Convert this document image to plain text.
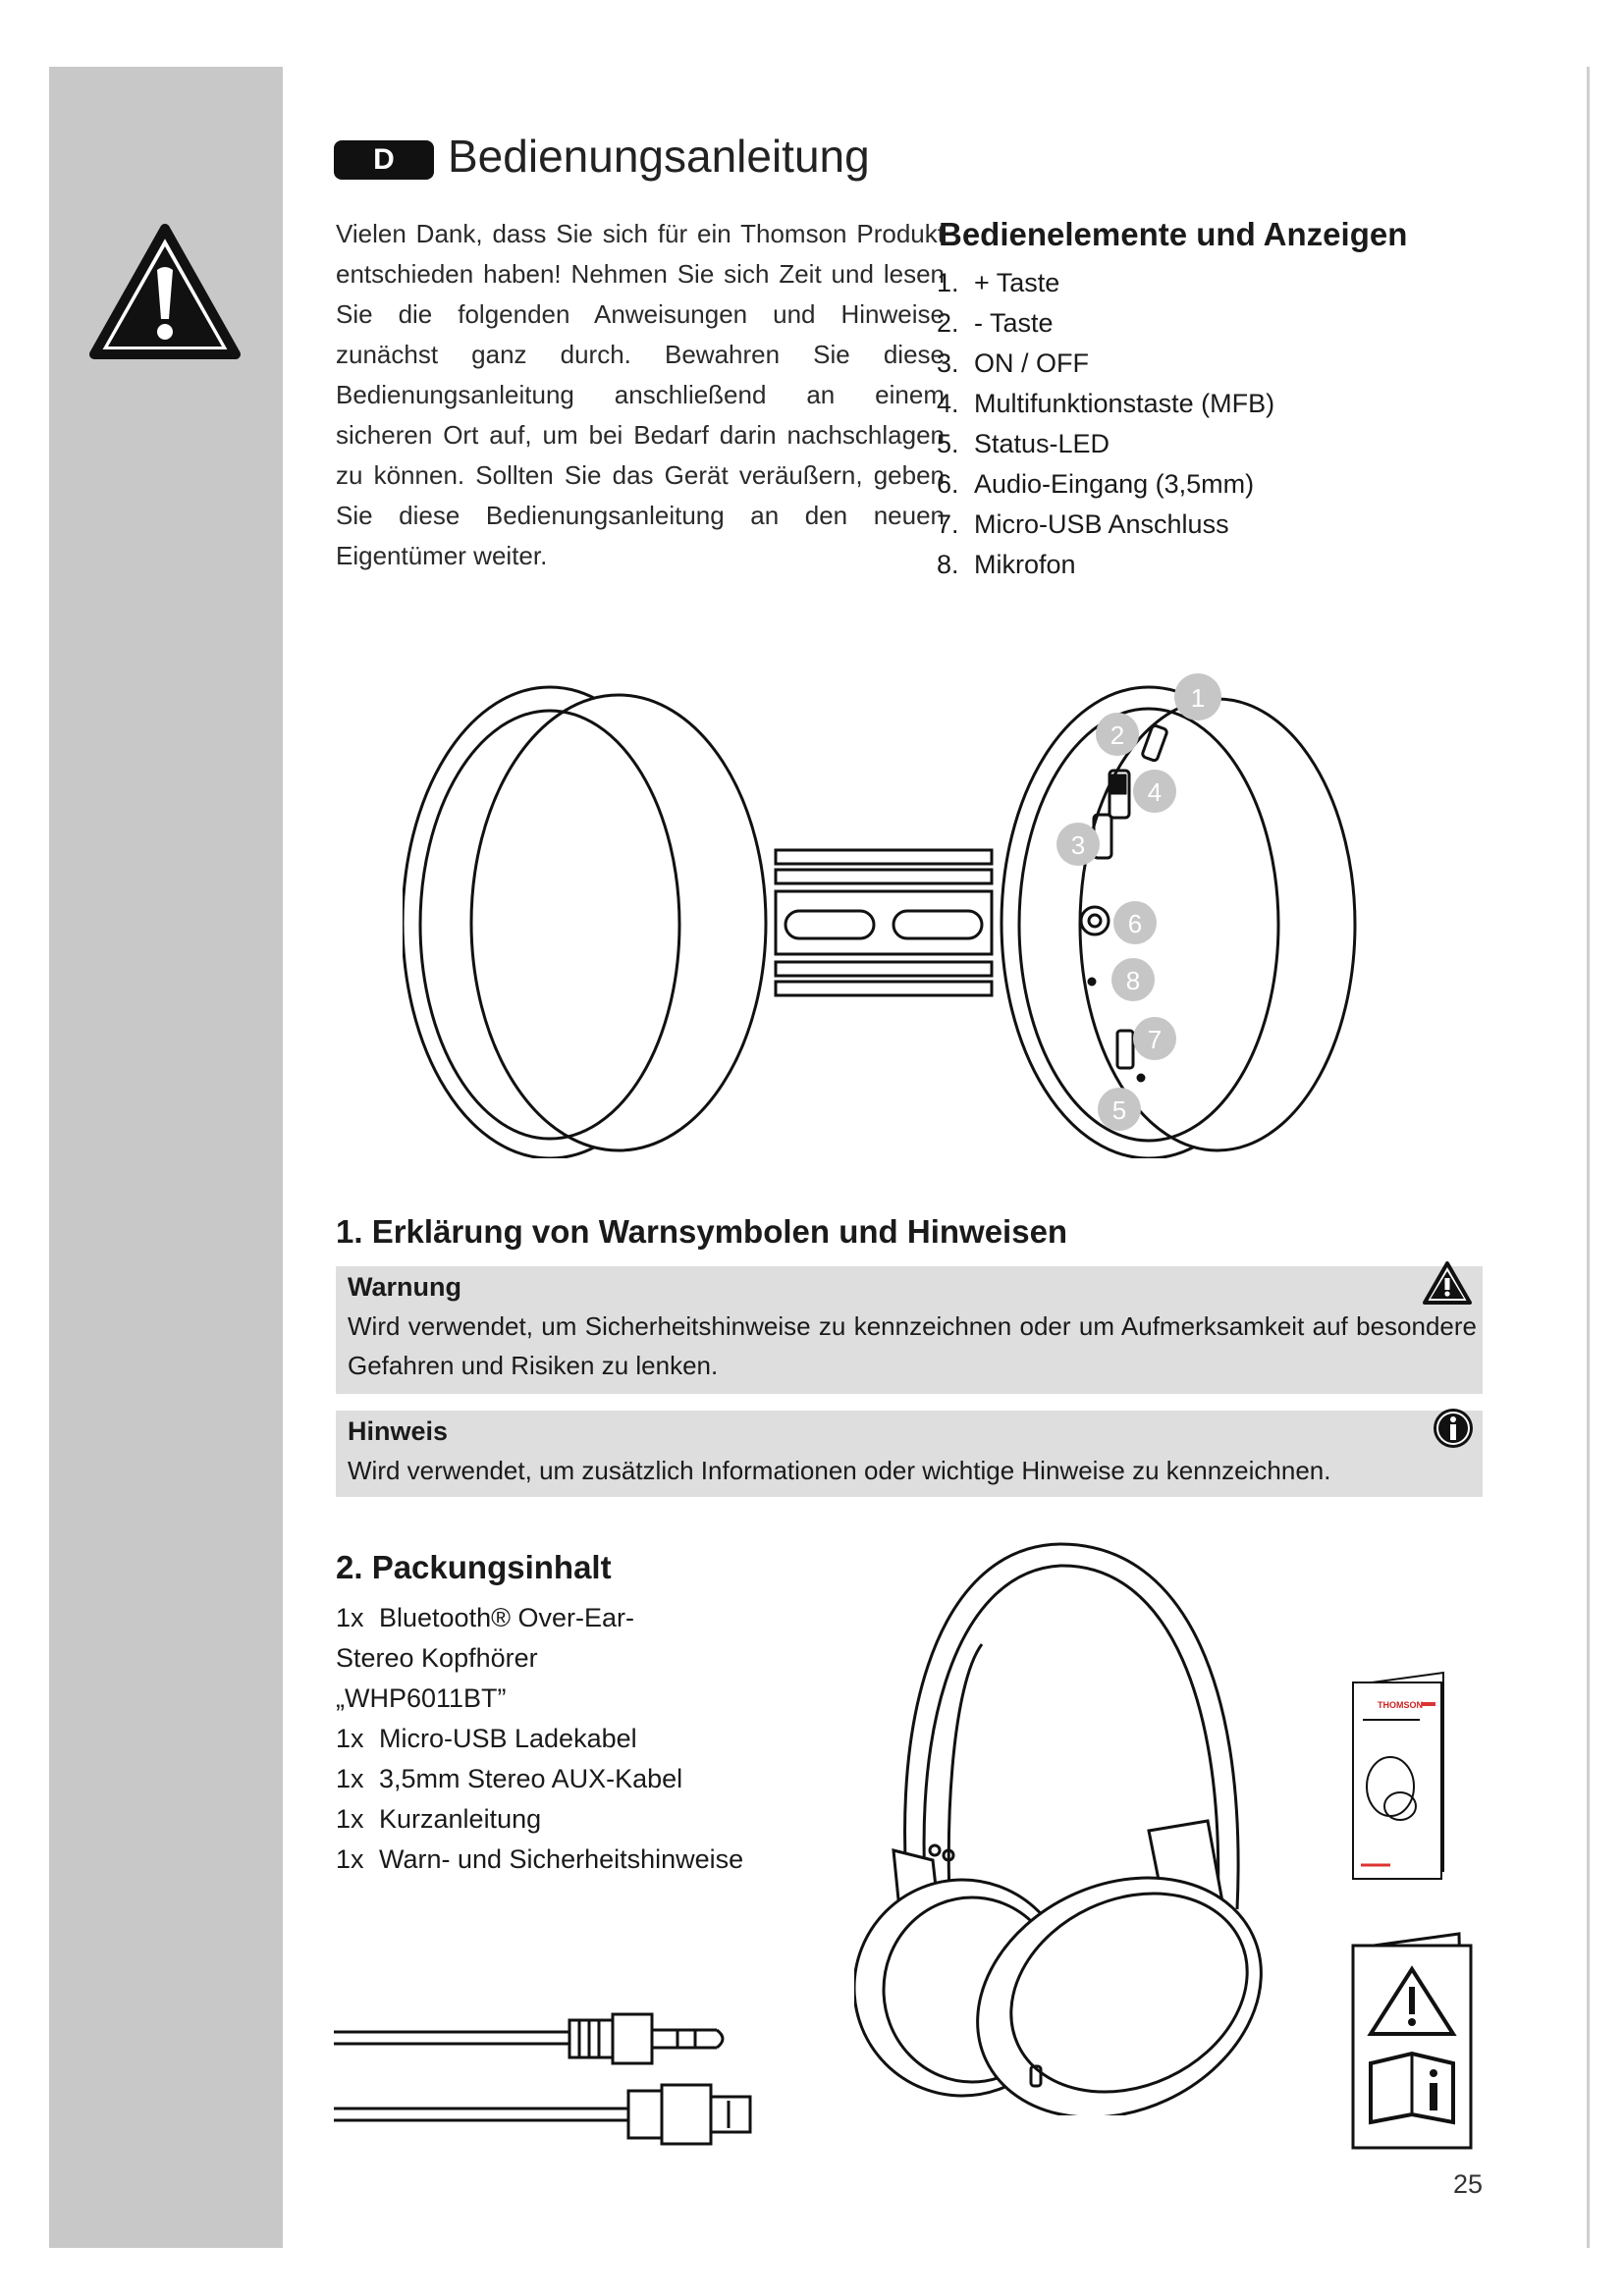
D	Bedienungsanleitung
Vielen Dank, dass Sie sich für ein Thomson Produkt entschieden haben! Nehmen Sie sich Zeit und lesen Sie die folgenden Anweisungen und Hinweise zunächst ganz durch. Bewahren Sie diese Bedienungsanleitung anschließend an einem sicheren Ort auf, um bei Bedarf darin nachschlagen zu können. Sollten Sie das Gerät veräußern, geben Sie diese Bedienungsanleitung an den neuen Eigentümer weiter.
Bedienelemente und Anzeigen
1. + Taste
2. - Taste
3. ON / OFF
4. Multifunktionstaste (MFB)
5. Status-LED
6. Audio-Eingang (3,5mm)
7. Micro-USB Anschluss
8. Mikrofon
1
2
4
3
6
8
7
5
1. Erklärung von Warnsymbolen und Hinweisen
Warnung
Wird verwendet, um Sicherheitshinweise zu kennzeichnen oder um Aufmerksamkeit auf besondere Gefahren und Risiken zu lenken.
Hinweis
Wird verwendet, um zusätzlich Informationen oder wichtige Hinweise zu kennzeichnen.
2. Packungsinhalt
1x Bluetooth® Over-Ear-Stereo Kopfhörer „WHP6011BT”
1x Micro-USB Ladekabel
1x 3,5mm Stereo AUX-Kabel
1x Kurzanleitung
1x Warn- und Sicherheitshinweise
THOMSON
25
